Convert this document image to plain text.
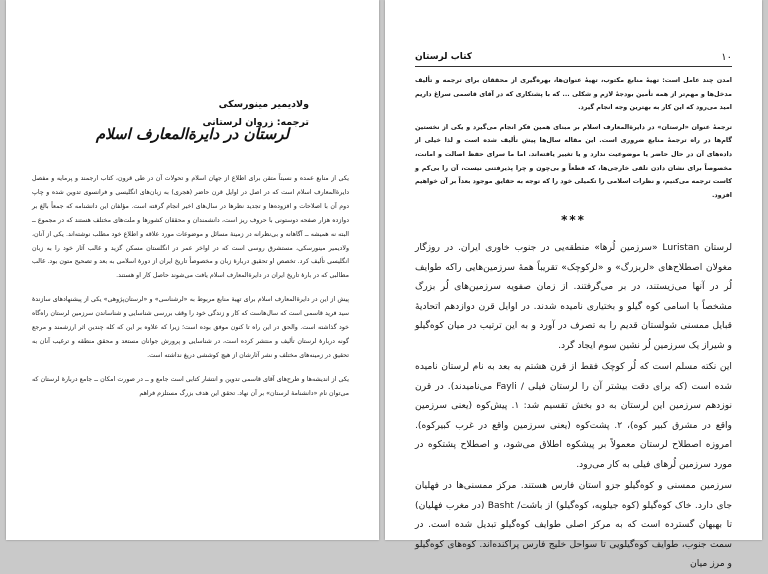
ولادیمیر مینورسکی
ترجمه: زروان لرستانی
لرستان در دایرةالمعارف اسلام

یکی از منابع عمده و نسبتاً متقن برای اطلاع از جهان اسلام و تحولات آن در طی قرون، کتاب ارجمند و پرمایه و مفصل دایرةالمعارف اسلام است که در اصل در اوایل قرن حاضر (هجری) به زبان‌های انگلیسی و فرانسوی تدوین شده و چاپ دوم آن با اصلاحات و افزوده‌ها و تجدید نظرها در سال‌های اخیر انجام گرفته است. مؤلفان این دانشنامه که جمعاً بالغ بر دوازده هزار صفحه دوستونی با حروف ریز است، دانشمندان و محققان کشورها و ملت‌های مختلف هستند که در مجموع ــ البته نه همیشه ــ آگاهانه و بی‌نظرانه در زمینهٔ مسائل و موضوعات مورد علاقه و اطلاع خود مطلب نوشته‌اند. یکی از آنان، ولادیمیر مینورسکی، مستشرق روسی است که در اواخر عمر در انگلستان مسکن گزید و غالب آثار خود را به زبان انگلیسی تألیف کرد. تخصص او تحقیق دربارهٔ زبان و مخصوصاً تاریخ ایران از دورهٔ اسلامی به بعد و تصحیح متون بود. غالب مطالبی که در بارهٔ تاریخ ایران در دایرةالمعارف اسلام یافت می‌شوند حاصل کار او هستند.

پیش از این در دایرةالمعارف اسلام برای تهیهٔ منابع مربوط به «لرشناسی» و «لرستان‌پژوهی» یکی از پیشنهادهای سازندهٔ سید فرید قاسمی است که سال‌هاست که کار و زندگی خود را وقف بررسی شناسایی و شناساندن سرزمین لرستان راه‌گاه خود گذاشته است. والحق در این راه تا کنون موفق بوده است؛ زیرا که علاوه بر این که کله چندین اثر ارزشمند و مرجع گونه دربارهٔ لرستان تألیف و منتشر کرده است، در شناسایی و پرورش جوانان مستعد و محقق منطقه و ترغیب آنان به تحقیق در زمینه‌های مختلف و نشر آثارشان از هیچ کوششی دریغ نداشته است.

یکی از اندیشه‌ها و طرح‌های آقای قاسمی تدوین و انتشار کتابی است جامع و ــ در صورت امکان ــ جامع دربارهٔ لرستان که می‌توان نام «دانشنامهٔ لرستان» بر آن نهاد. تحقق این هدف بزرگ مستلزم فراهم

۱۰
کتاب لرستان

امدن چند عامل است: تهیهٔ منابع مکتوب، تهیهٔ عنوان‌ها، بهره‌گیری از محققان برای ترجمه و تألیف مدخل‌ها و مهم‌تر از همه تأمین بودجهٔ لازم و شکلی ... که با پشتکاری که در آقای قاسمی سراغ داریم امید می‌رود که این کار به بهترین وجه انجام گیرد.

ترجمهٔ عنوان «لرستان» در دایرةالمعارف اسلام بر مبنای همین فکر انجام می‌گیرد و یکی از نخستین گام‌ها در راه ترجمهٔ منابع ضروری است. این مقاله سال‌ها پیش تألیف شده است و لذا خیلی از داده‌های آن در حال حاضر یا موضوعیت ندارد و یا تغییر یافته‌اند. اما ما سرای حفظ اصالت و امانت، مخصوصاً برای نشان دادن تلقی خارجی‌ها، که قطعاً و بی‌چون و چرا پذیرفتنی نیست، آن را بی‌کم و کاست ترجمه می‌کنیم، و نظرات اسلامی را تکمیلی خود را که توجه به حقایق موجود بعداً بر آن خواهیم افزود.

***

لرستان Luristan «سرزمین لُرها» منطقه‌یی در جنوب خاوری ایران. در روزگار مغولان اصطلاح‌های «لربزرگ» و «لرکوچک» تقریباً همهٔ سرزمین‌هایی راکه طوایف لُر در آنها می‌زیستند، در بر می‌گرفتند. از زمان صفویه سرزمین‌های لُر بزرگ مشخصاً با اسامی کوه گیلو و بختیاری نامیده شدند. در اوایل قرن دوازدهم اتحادیهٔ قبایل ممسنی شولستان قدیم را به تصرف در آورد و به این ترتیب در میان کوه‌گیلو و شیراز یک سرزمین لُر نشین سوم ایجاد گرد.

این نکته مسلم است که لُر کوچک فقط از قرن هشتم به بعد به نام لرستان نامیده شده است (که برای دقت بیشتر آن را لرستان فیلی / Fayli می‌نامیدند). در قرن نوزدهم سرزمین این لرستان به دو بخش تقسیم شد: ۱. پیش‌کوه (یعنی سرزمین واقع در مشرق کبیر کوه)، ۲. پشت‌کوه (یعنی سرزمین واقع در غرب کبیرکوه). امروزه اصطلاح لرستان معمولاً بر پیشکوه اطلاق می‌شود، و اصطلاح پشتکوه در مورد سرزمین لُرهای فیلی به کار می‌رود.

سرزمین ممسنی و کوه‌گیلو جزو استان فارس هستند. مرکز ممسنی‌ها در فهلیان جای دارد. خاک کوه‌گیلو (کوه جیلویه، کوه‌گیلو) از باشت/ Basht (در مغرب فهلیان) تا بهبهان گسترده است که به مرکز اصلی طوایف کوه‌گیلو تبدیل شده است. در سمت جنوب، طوایف کوه‌گیلویی تا سواحل خلیج فارس پراکنده‌اند. کوه‌های کوه‌گیلو و مرز میان
